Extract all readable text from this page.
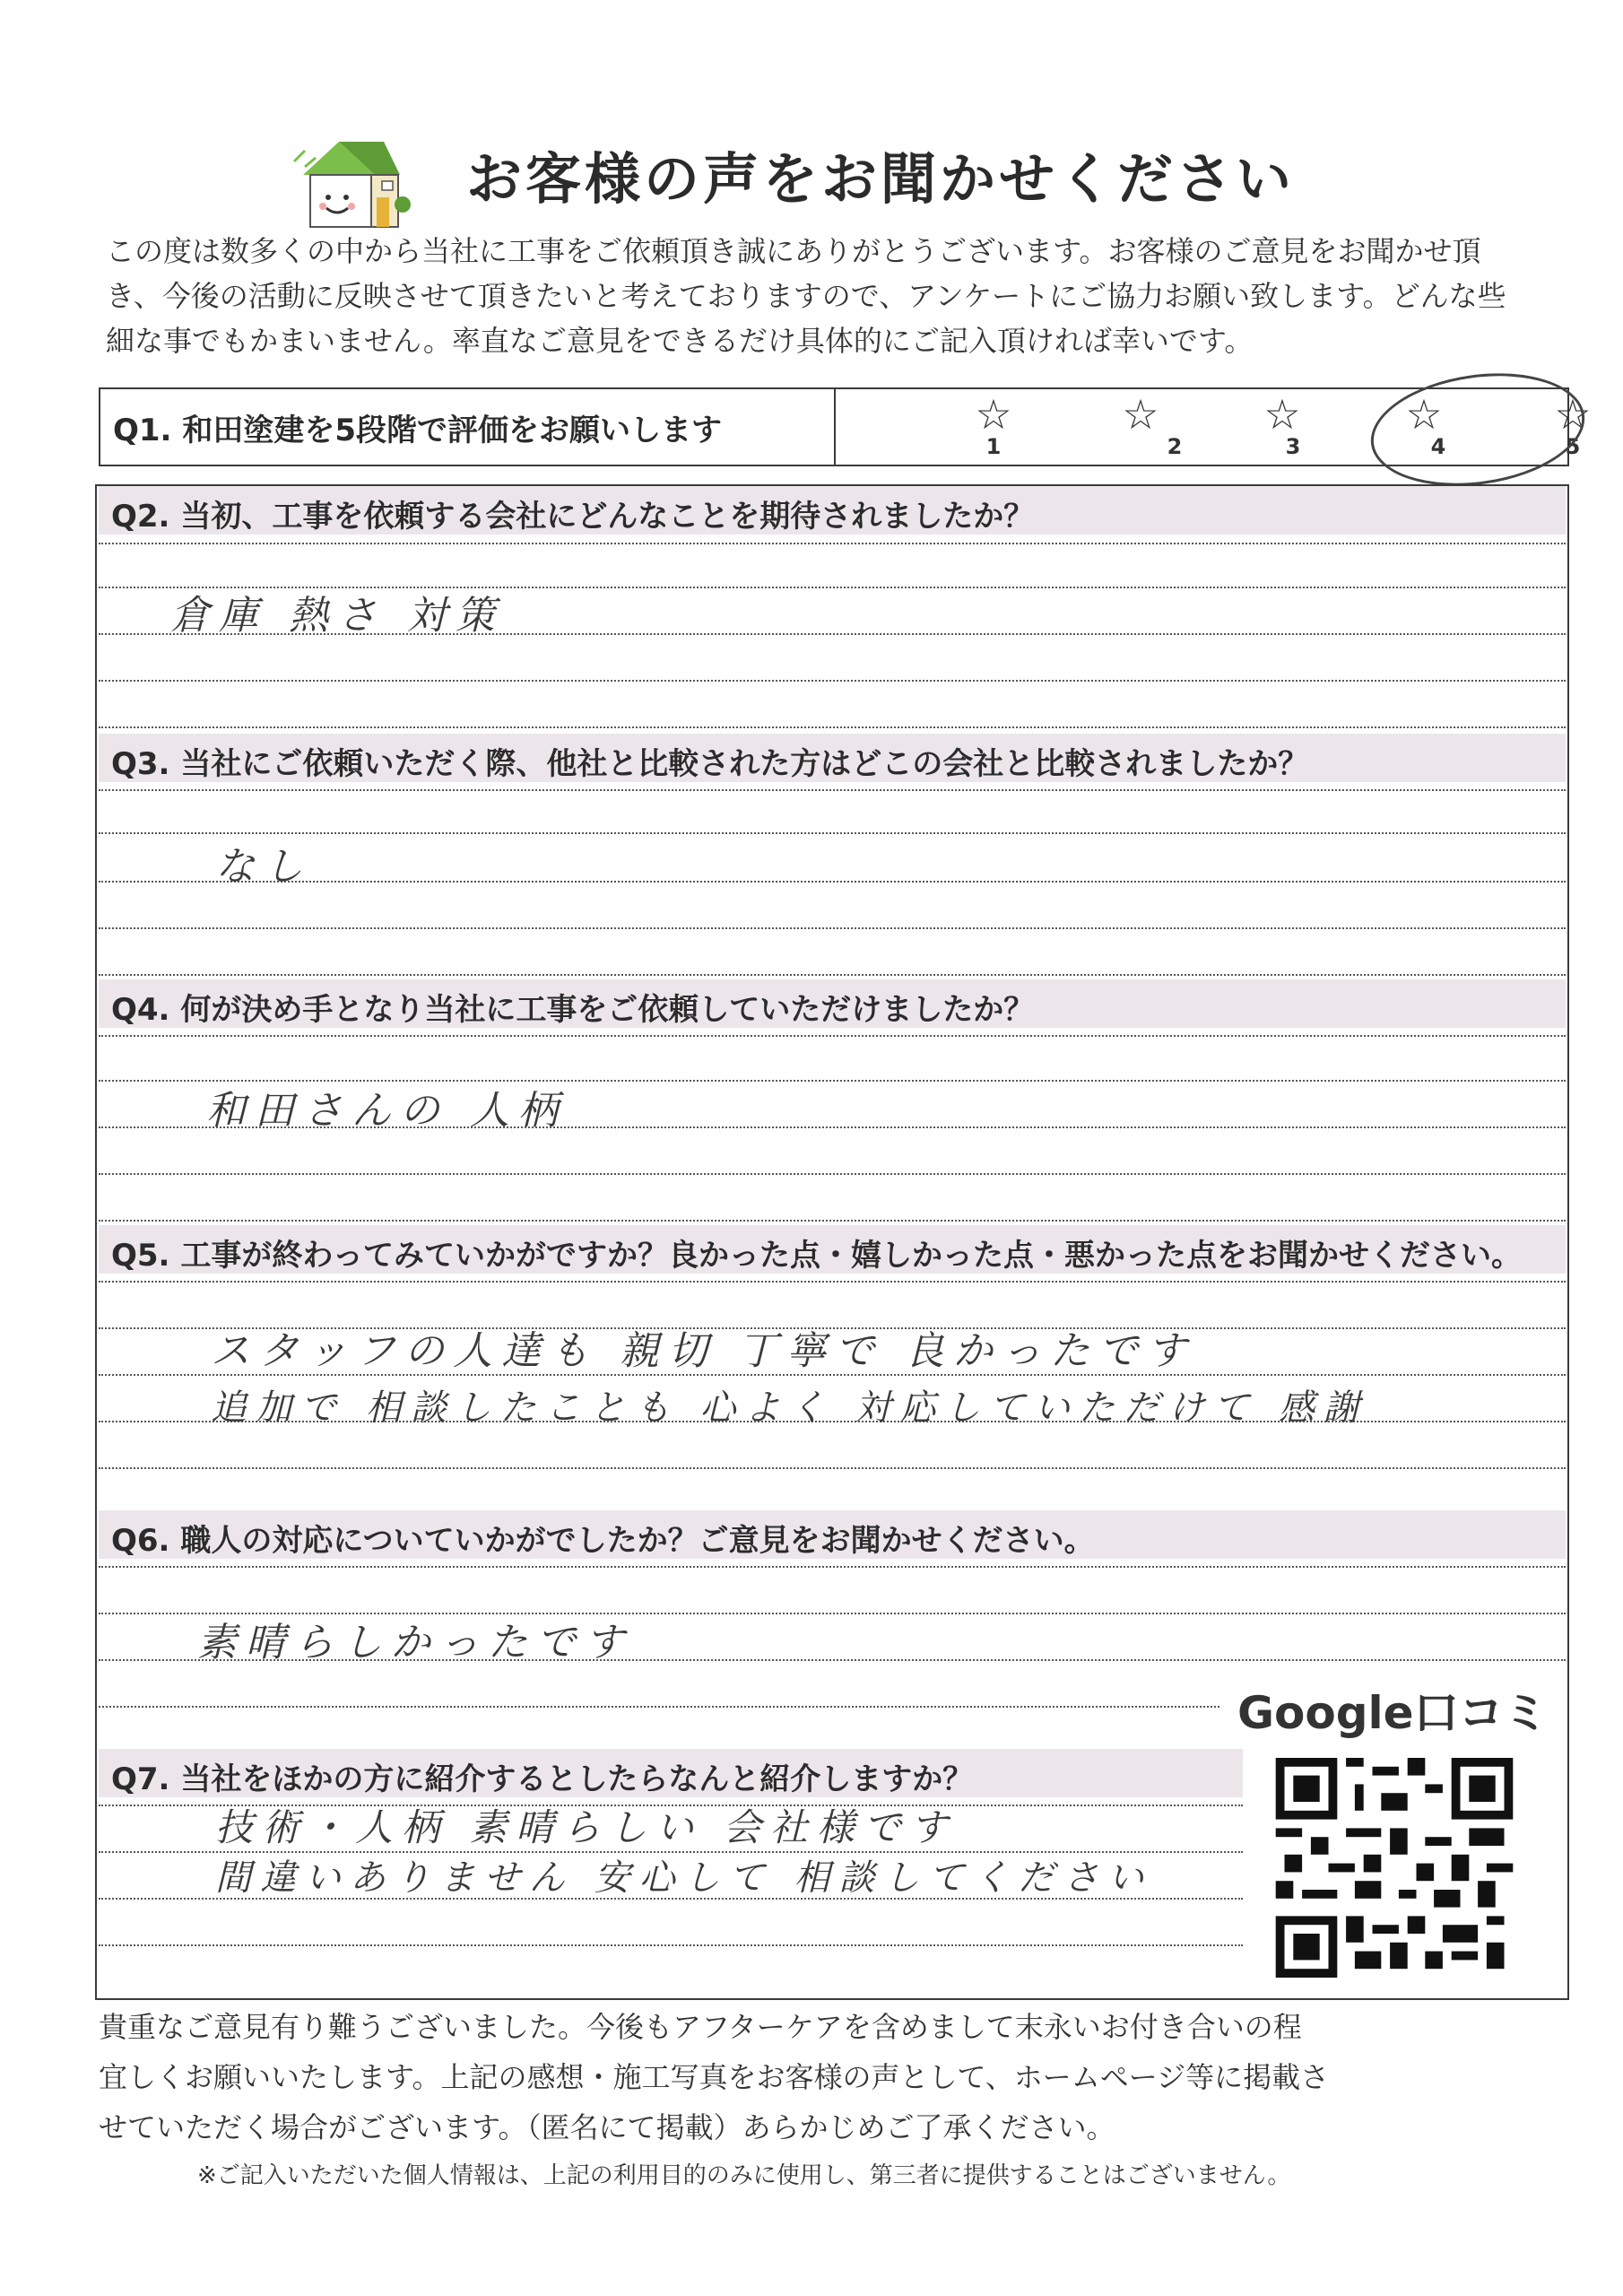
お客様の声をお聞かせください

この度は数多くの中から当社に工事をご依頼頂き誠にありがとうございます。お客様のご意見をお聞かせ頂

き、今後の活動に反映させて頂きたいと考えておりますので、アンケートにご協力お願い致します。どんな些

細な事でもかまいません。率直なご意見をできるだけ具体的にご記入頂ければ幸いです。

Q1. 和田塗建を5段階で評価をお願いします	☆
1
☆
2
☆
3
☆
4
☆
5
Q2. 当初、工事を依頼する会社にどんなことを期待されましたか？
倉庫 熱さ 対策
Q3. 当社にご依頼いただく際、他社と比較された方はどこの会社と比較されましたか？
なし
Q4. 何が決め手となり当社に工事をご依頼していただけましたか？
和田さんの 人柄
Q5. 工事が終わってみていかがですか？良かった点・嬉しかった点・悪かった点をお聞かせください。
スタッフの人達も 親切 丁寧で 良かったです
追加で 相談したことも 心よく 対応していただけて 感謝
Q6. 職人の対応についていかがでしたか？ご意見をお聞かせください。
素晴らしかったです
Q7. 当社をほかの方に紹介するとしたらなんと紹介しますか？
技術・人柄 素晴らしい 会社様です
間違いありません 安心して 相談してください
Google口コミ

貴重なご意見有り難うございました。今後もアフターケアを含めまして末永いお付き合いの程

宜しくお願いいたします。上記の感想・施工写真をお客様の声として、ホームページ等に掲載さ

せていただく場合がございます。（匿名にて掲載）あらかじめご了承ください。

※ご記入いただいた個人情報は、上記の利用目的のみに使用し、第三者に提供することはございません。
